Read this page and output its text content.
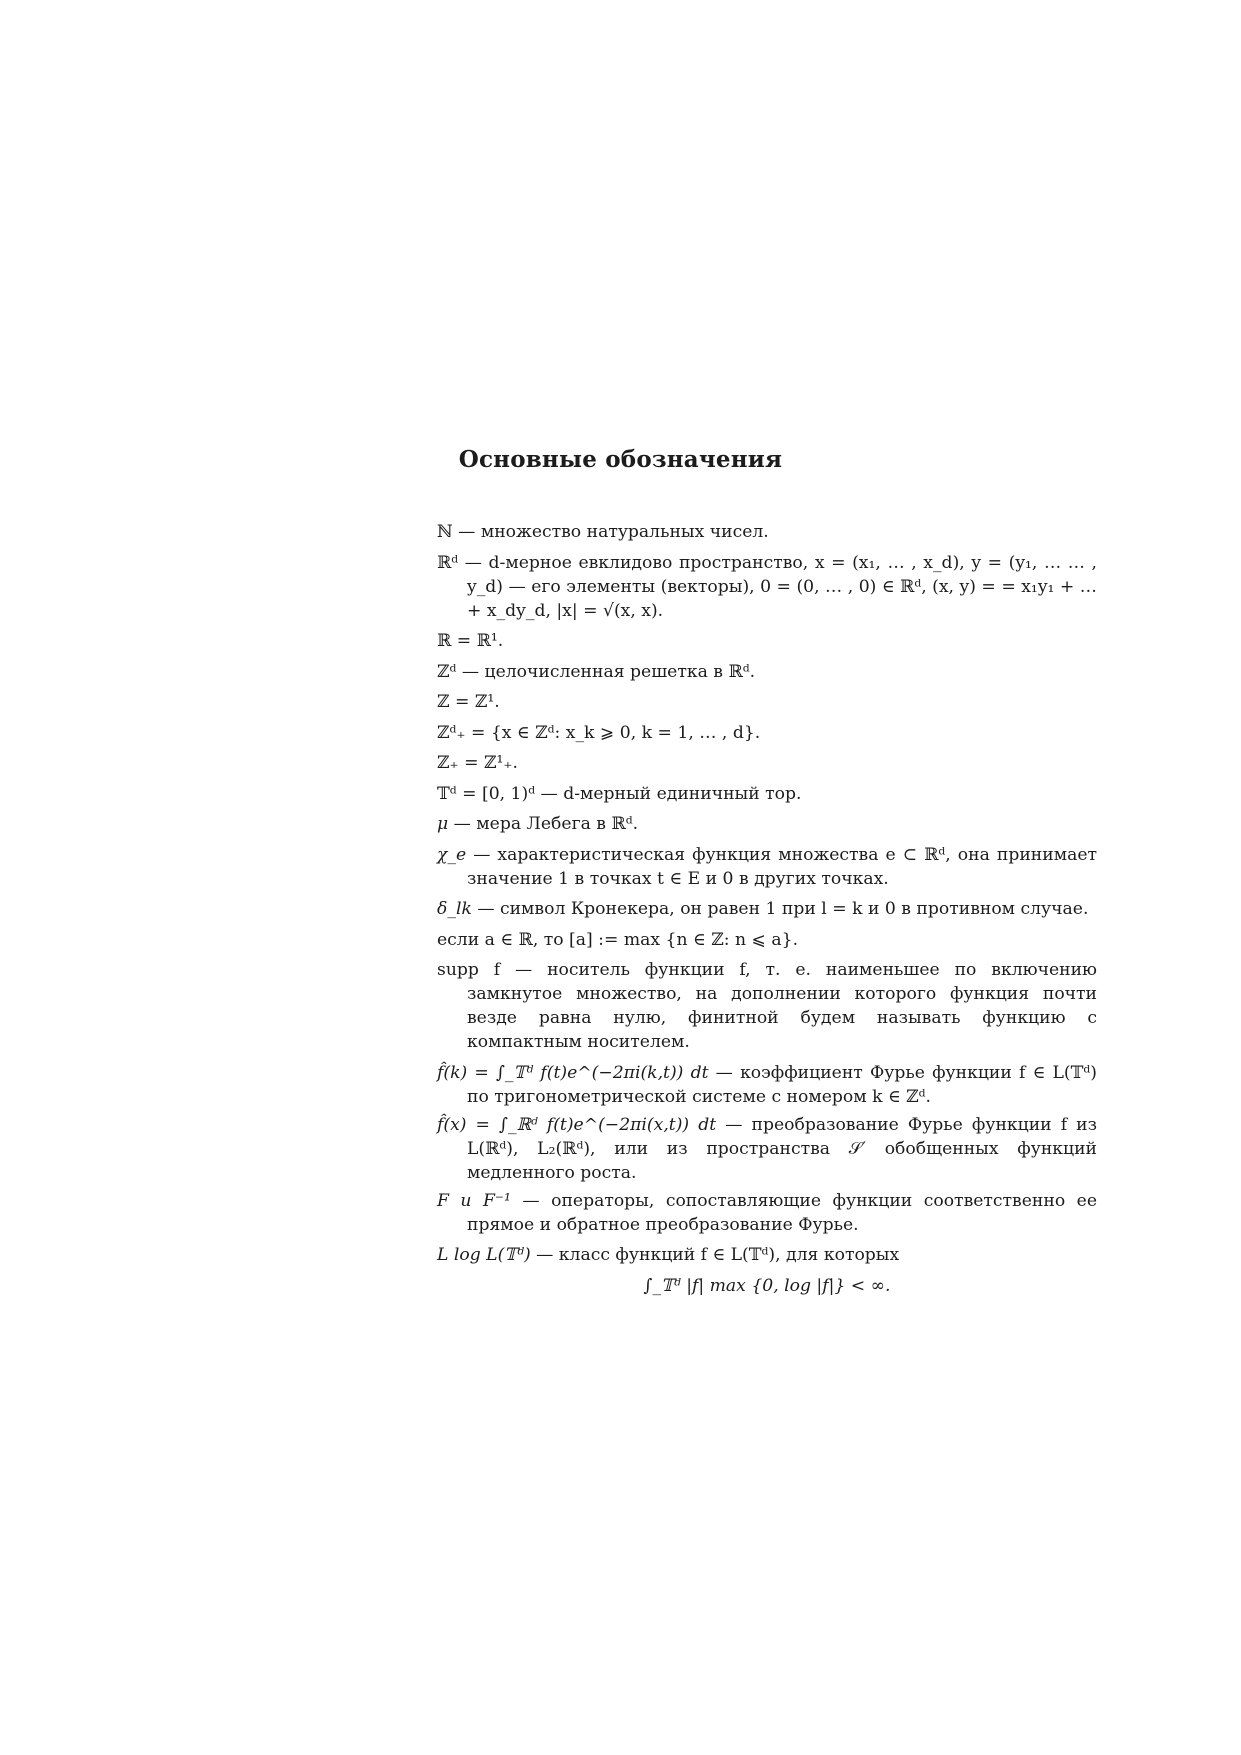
Основные обозначения

ℕ — множество натуральных чисел.

ℝᵈ — d-мерное евклидово пространство, x = (x₁, … , x_d), y = (y₁, … … , y_d) — его элементы (векторы), 0 = (0, … , 0) ∈ ℝᵈ, (x, y) = = x₁y₁ + … + x_dy_d, |x| = √(x, x).

ℝ = ℝ¹.

ℤᵈ — целочисленная решетка в ℝᵈ.

ℤ = ℤ¹.

ℤᵈ₊ = {x ∈ ℤᵈ: x_k ⩾ 0, k = 1, … , d}.

ℤ₊ = ℤ¹₊.

𝕋ᵈ = [0, 1)ᵈ — d-мерный единичный тор.

μ — мера Лебега в ℝᵈ.

χ_e — характеристическая функция множества e ⊂ ℝᵈ, она принимает значение 1 в точках t ∈ E и 0 в других точках.

δ_lk — символ Кронекера, он равен 1 при l = k и 0 в противном случае.

если a ∈ ℝ, то [a] := max {n ∈ ℤ: n ⩽ a}.

supp f — носитель функции f, т. е. наименьшее по включению замкнутое множество, на дополнении которого функция почти везде равна нулю, финитной будем называть функцию с компактным носителем.

f̂(k) = ∫_𝕋ᵈ f(t)e^(−2πi(k,t)) dt — коэффициент Фурье функции f ∈ L(𝕋ᵈ) по тригонометрической системе с номером k ∈ ℤᵈ.

f̂(x) = ∫_ℝᵈ f(t)e^(−2πi(x,t)) dt — преобразование Фурье функции f из L(ℝᵈ), L₂(ℝᵈ), или из пространства 𝒮′ обобщенных функций медленного роста.

F и F⁻¹ — операторы, сопоставляющие функции соответственно ее прямое и обратное преобразование Фурье.

L log L(𝕋ᵈ) — класс функций f ∈ L(𝕋ᵈ), для которых

∫_𝕋ᵈ |f| max {0, log |f|} < ∞.
